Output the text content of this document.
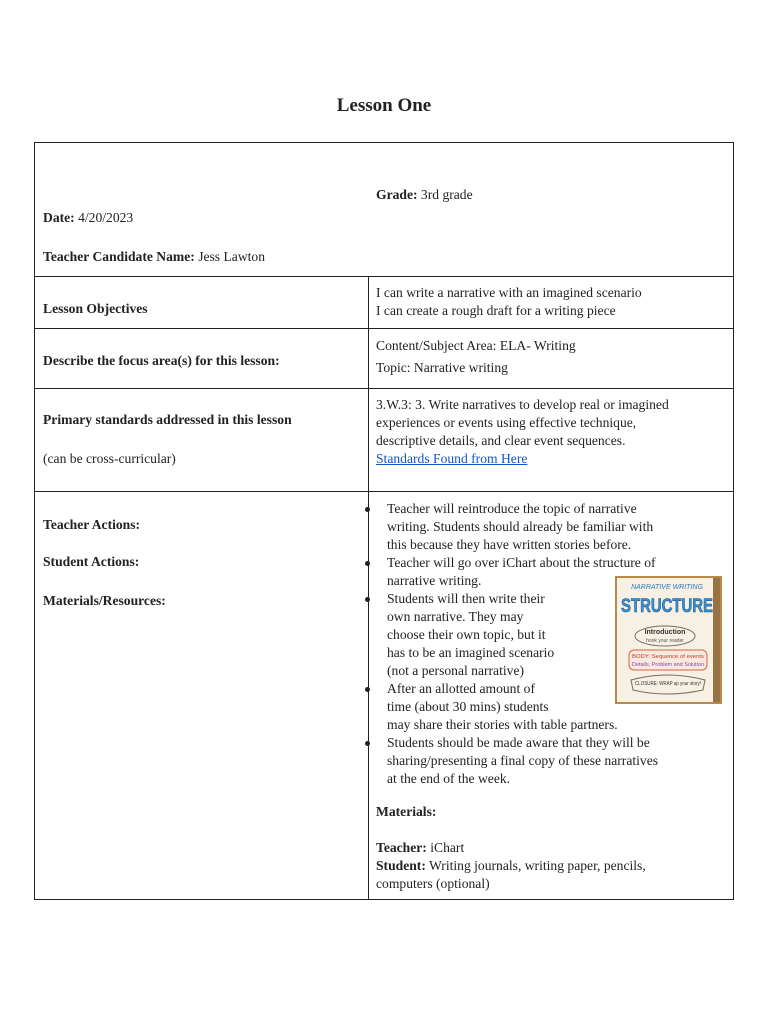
Lesson One
Grade: 3rd grade
Date: 4/20/2023
Teacher Candidate Name: Jess Lawton
Lesson Objectives
I can write a narrative with an imagined scenario
I can create a rough draft for a writing piece
Describe the focus area(s) for this lesson:
Content/Subject Area: ELA- Writing
Topic: Narrative writing
Primary standards addressed in this lesson
(can be cross-curricular)
3.W.3: 3. Write narratives to develop real or imagined
experiences or events using effective technique,
descriptive details, and clear event sequences.
Standards Found from Here
Teacher Actions:
Student Actions:
Materials/Resources:
Teacher will reintroduce the topic of narrative
writing. Students should already be familiar with
this because they have written stories before.
Teacher will go over iChart about the structure of
narrative writing.
Students will then write their
own narrative. They may
choose their own topic, but it
has to be an imagined scenario
(not a personal narrative)
After an allotted amount of
time (about 30 mins) students
may share their stories with table partners.
Students should be made aware that they will be
sharing/presenting a final copy of these narratives
at the end of the week.
NARRATIVE WRITING
STRUCTURE
Introduction
hook your reader
BODY: Sequence of events
Details, Problem and Solution
CLOSURE: WRAP up your story!
Materials:
Teacher: iChart
Student: Writing journals, writing paper, pencils,
computers (optional)
